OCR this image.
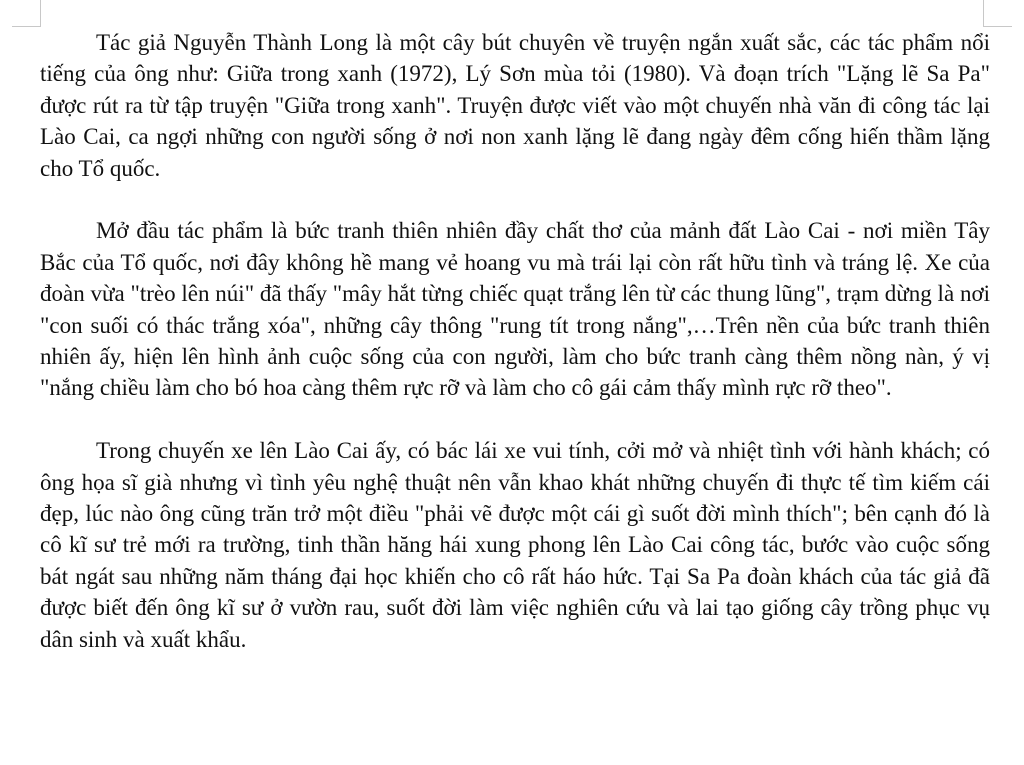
Tác giả Nguyễn Thành Long là một cây bút chuyên về truyện ngắn xuất sắc, các tác phẩm nổi tiếng của ông như: Giữa trong xanh (1972), Lý Sơn mùa tỏi (1980). Và đoạn trích "Lặng lẽ Sa Pa" được rút ra từ tập truyện "Giữa trong xanh". Truyện được viết vào một chuyến nhà văn đi công tác lại Lào Cai, ca ngợi những con người sống ở nơi non xanh lặng lẽ đang ngày đêm cống hiến thầm lặng cho Tổ quốc.

Mở đầu tác phẩm là bức tranh thiên nhiên đầy chất thơ của mảnh đất Lào Cai - nơi miền Tây Bắc của Tổ quốc, nơi đây không hề mang vẻ hoang vu mà trái lại còn rất hữu tình và tráng lệ. Xe của đoàn vừa "trèo lên núi" đã thấy "mây hắt từng chiếc quạt trắng lên từ các thung lũng", trạm dừng là nơi "con suối có thác trắng xóa", những cây thông "rung tít trong nắng",…Trên nền của bức tranh thiên nhiên ấy, hiện lên hình ảnh cuộc sống của con người, làm cho bức tranh càng thêm nồng nàn, ý vị "nắng chiều làm cho bó hoa càng thêm rực rỡ và làm cho cô gái cảm thấy mình rực rỡ theo".

Trong chuyến xe lên Lào Cai ấy, có bác lái xe vui tính, cởi mở và nhiệt tình với hành khách; có ông họa sĩ già nhưng vì tình yêu nghệ thuật nên vẫn khao khát những chuyến đi thực tế tìm kiếm cái đẹp, lúc nào ông cũng trăn trở một điều "phải vẽ được một cái gì suốt đời mình thích"; bên cạnh đó là cô kĩ sư trẻ mới ra trường, tinh thần hăng hái xung phong lên Lào Cai công tác, bước vào cuộc sống bát ngát sau những năm tháng đại học khiến cho cô rất háo hức. Tại Sa Pa đoàn khách của tác giả đã được biết đến ông kĩ sư ở vườn rau, suốt đời làm việc nghiên cứu và lai tạo giống cây trồng phục vụ dân sinh và xuất khẩu.
